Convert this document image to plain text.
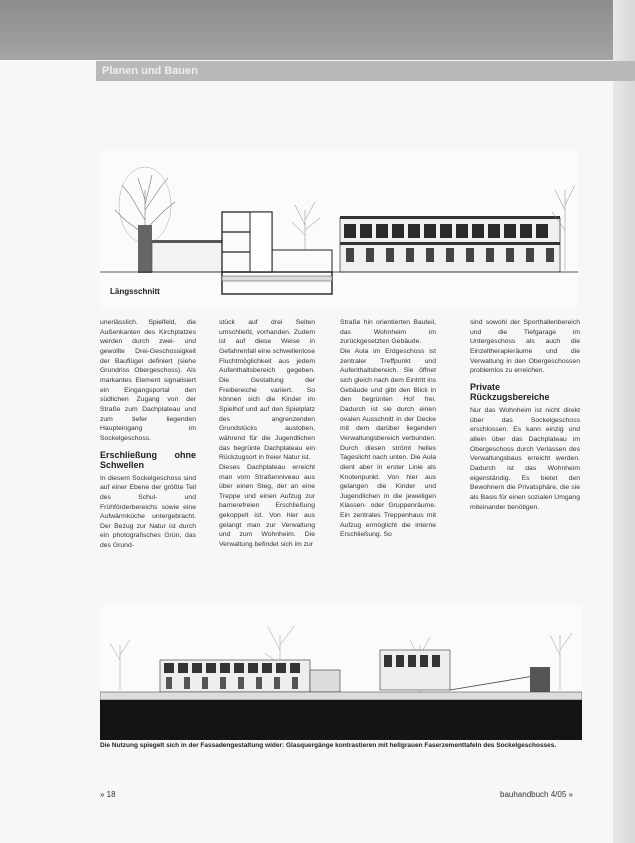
Planen und Bauen
Längsschnitt

unerlässlich. Spielfeld, die Außenkanten des Kirchplatzes werden durch zwei- und gewollte Drei-Geschossigkeit der Bauflügel definiert (siehe Grundriss Obergeschoss). Als markantes Element signalisiert ein Eingangsportal den südlichen Zugang von der Straße zum Dachplateau und zum tiefer liegenden Haupteingang im Sockelgeschoss.

Erschließung ohne Schwellen

In diesem Sockelgeschoss sind auf einer Ebene der größte Teil des Schul- und Frühförderbereichs sowie eine Aufwärmküche untergebracht. Der Bezug zur Natur ist durch ein photografisches Grün, das des Grund-

stück auf drei Seiten umschließt, vorhanden. Zudem ist auf diese Weise in Gefahrenfall eine schwellenlose Fluchtmöglichkeit aus jedem Aufenthaltsbereich gegeben. Die Gestaltung der Freibereiche variiert. So können sich die Kinder im Spielhof und auf den Spielplatz des angrenzenden Grundstücks austoben, während für die Jugendlichen das begrünte Dachplateau ein Rückzugsort in freier Natur ist.

Dieses Dachplateau erreicht man vom Straßenniveau aus über einen Steg, der an eine Treppe und einen Aufzug zur barrierefreien Erschließung gekoppelt ist. Von hier aus gelangt man zur Verwaltung und zum Wohnheim. Die Verwaltung befindet sich im zur

Straße hin orientierten Bauteil, das Wohnheim im zurückgesetzten Gebäude.

Die Aula im Erdgeschoss ist zentraler Treffpunkt und Aufenthaltsbereich. Sie öffnet sich gleich nach dem Eintritt ins Gebäude und gibt den Blick in den begrünten Hof frei. Dadurch ist sie durch einen ovalen Ausschnitt in der Decke mit dem darüber liegenden Verwaltungsbereich verbunden. Durch diesen strömt helles Tageslicht nach unten. Die Aula dient aber in erster Linie als Knotenpunkt. Von hier aus gelangen die Kinder und Jugendlichen in die jeweiligen Klassen- oder Gruppenräume. Ein zentrales Treppenhaus mit Aufzug ermöglicht die interne Erschließung. So

sind sowohl der Sporthallenbereich und die Tiefgarage im Untergeschoss als auch die Einzeltherapieräume und die Verwaltung in den Obergeschossen problemlos zu erreichen.

Private Rückzugsbereiche

Nur das Wohnheim ist nicht direkt über das Sockelgeschoss erschlossen. Es kann einzig und allein über das Dachplateau im Obergeschoss durch Verlassen des Verwaltungsbaus erreicht werden. Dadurch ist das Wohnheim eigenständig. Es bietet den Bewohnern die Privatsphäre, die sie als Basis für einen sozialen Umgang miteinander benötigen.

Die Nutzung spiegelt sich in der Fassadengestaltung wider: Glasquergänge kontrastieren mit hellgrauen Faserzementtafeln des Sockelgeschosses.
» 18	bauhandbuch 4/05 »
